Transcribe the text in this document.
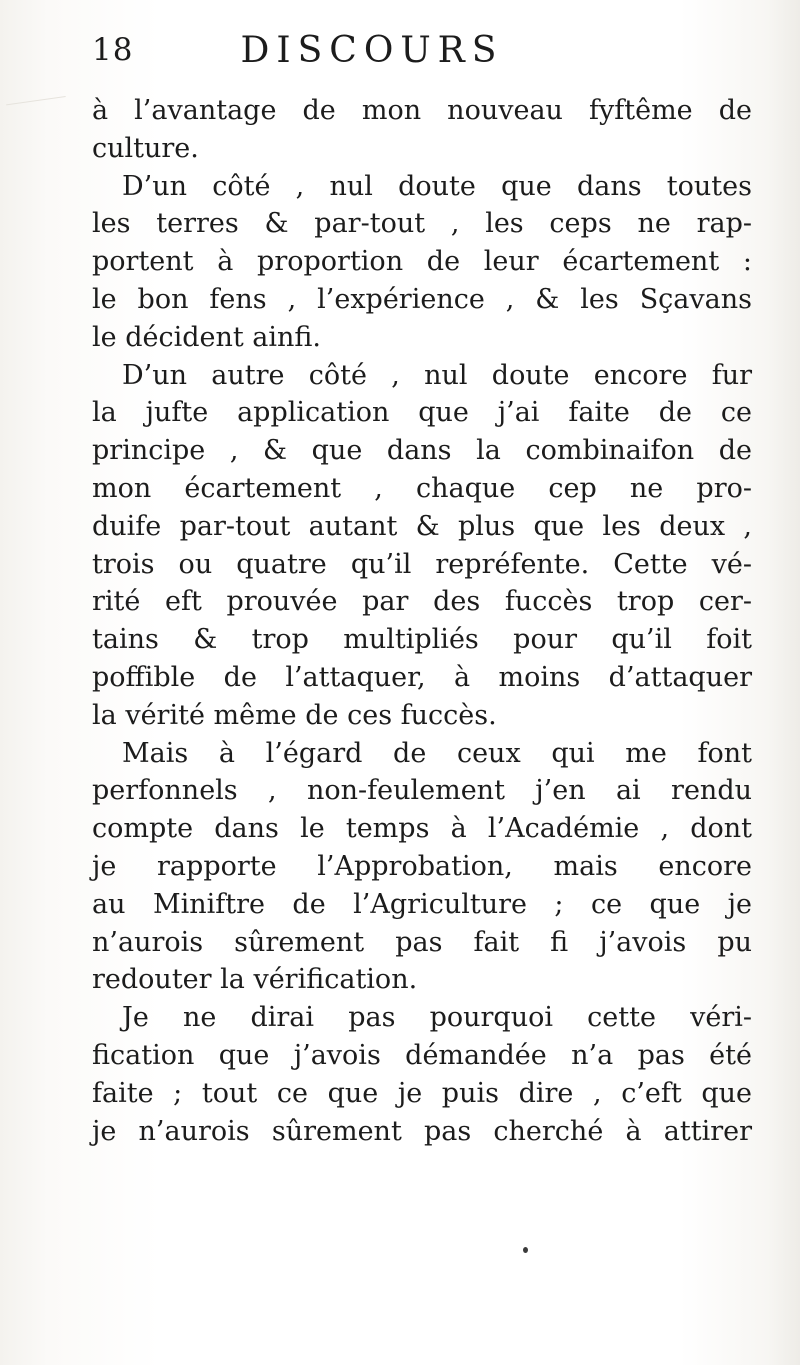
18	DISCOURS
à l’avantage de mon nouveau fyftême de
culture.
D’un côté , nul doute que dans toutes
les terres & par-tout , les ceps ne rap-
portent à proportion de leur écartement :
le bon fens , l’expérience , & les Sçavans
le décident ainfi.
D’un autre côté , nul doute encore fur
la jufte application que j’ai faite de ce
principe , & que dans la combinaifon de
mon écartement , chaque cep ne pro-
duife par-tout autant & plus que les deux ,
trois ou quatre qu’il repréfente. Cette vé-
rité eft prouvée par des fuccès trop cer-
tains & trop multipliés pour qu’il foit
poffible de l’attaquer, à moins d’attaquer
la vérité même de ces fuccès.
Mais à l’égard de ceux qui me font
perfonnels , non-feulement j’en ai rendu
compte dans le temps à l’Académie , dont
je rapporte l’Approbation, mais encore
au Miniftre de l’Agriculture ; ce que je
n’aurois sûrement pas fait fi j’avois pu
redouter la vérification.
Je ne dirai pas pourquoi cette véri-
fication que j’avois démandée n’a pas été
faite ; tout ce que je puis dire , c’eft que
je n’aurois sûrement pas cherché à attirer
